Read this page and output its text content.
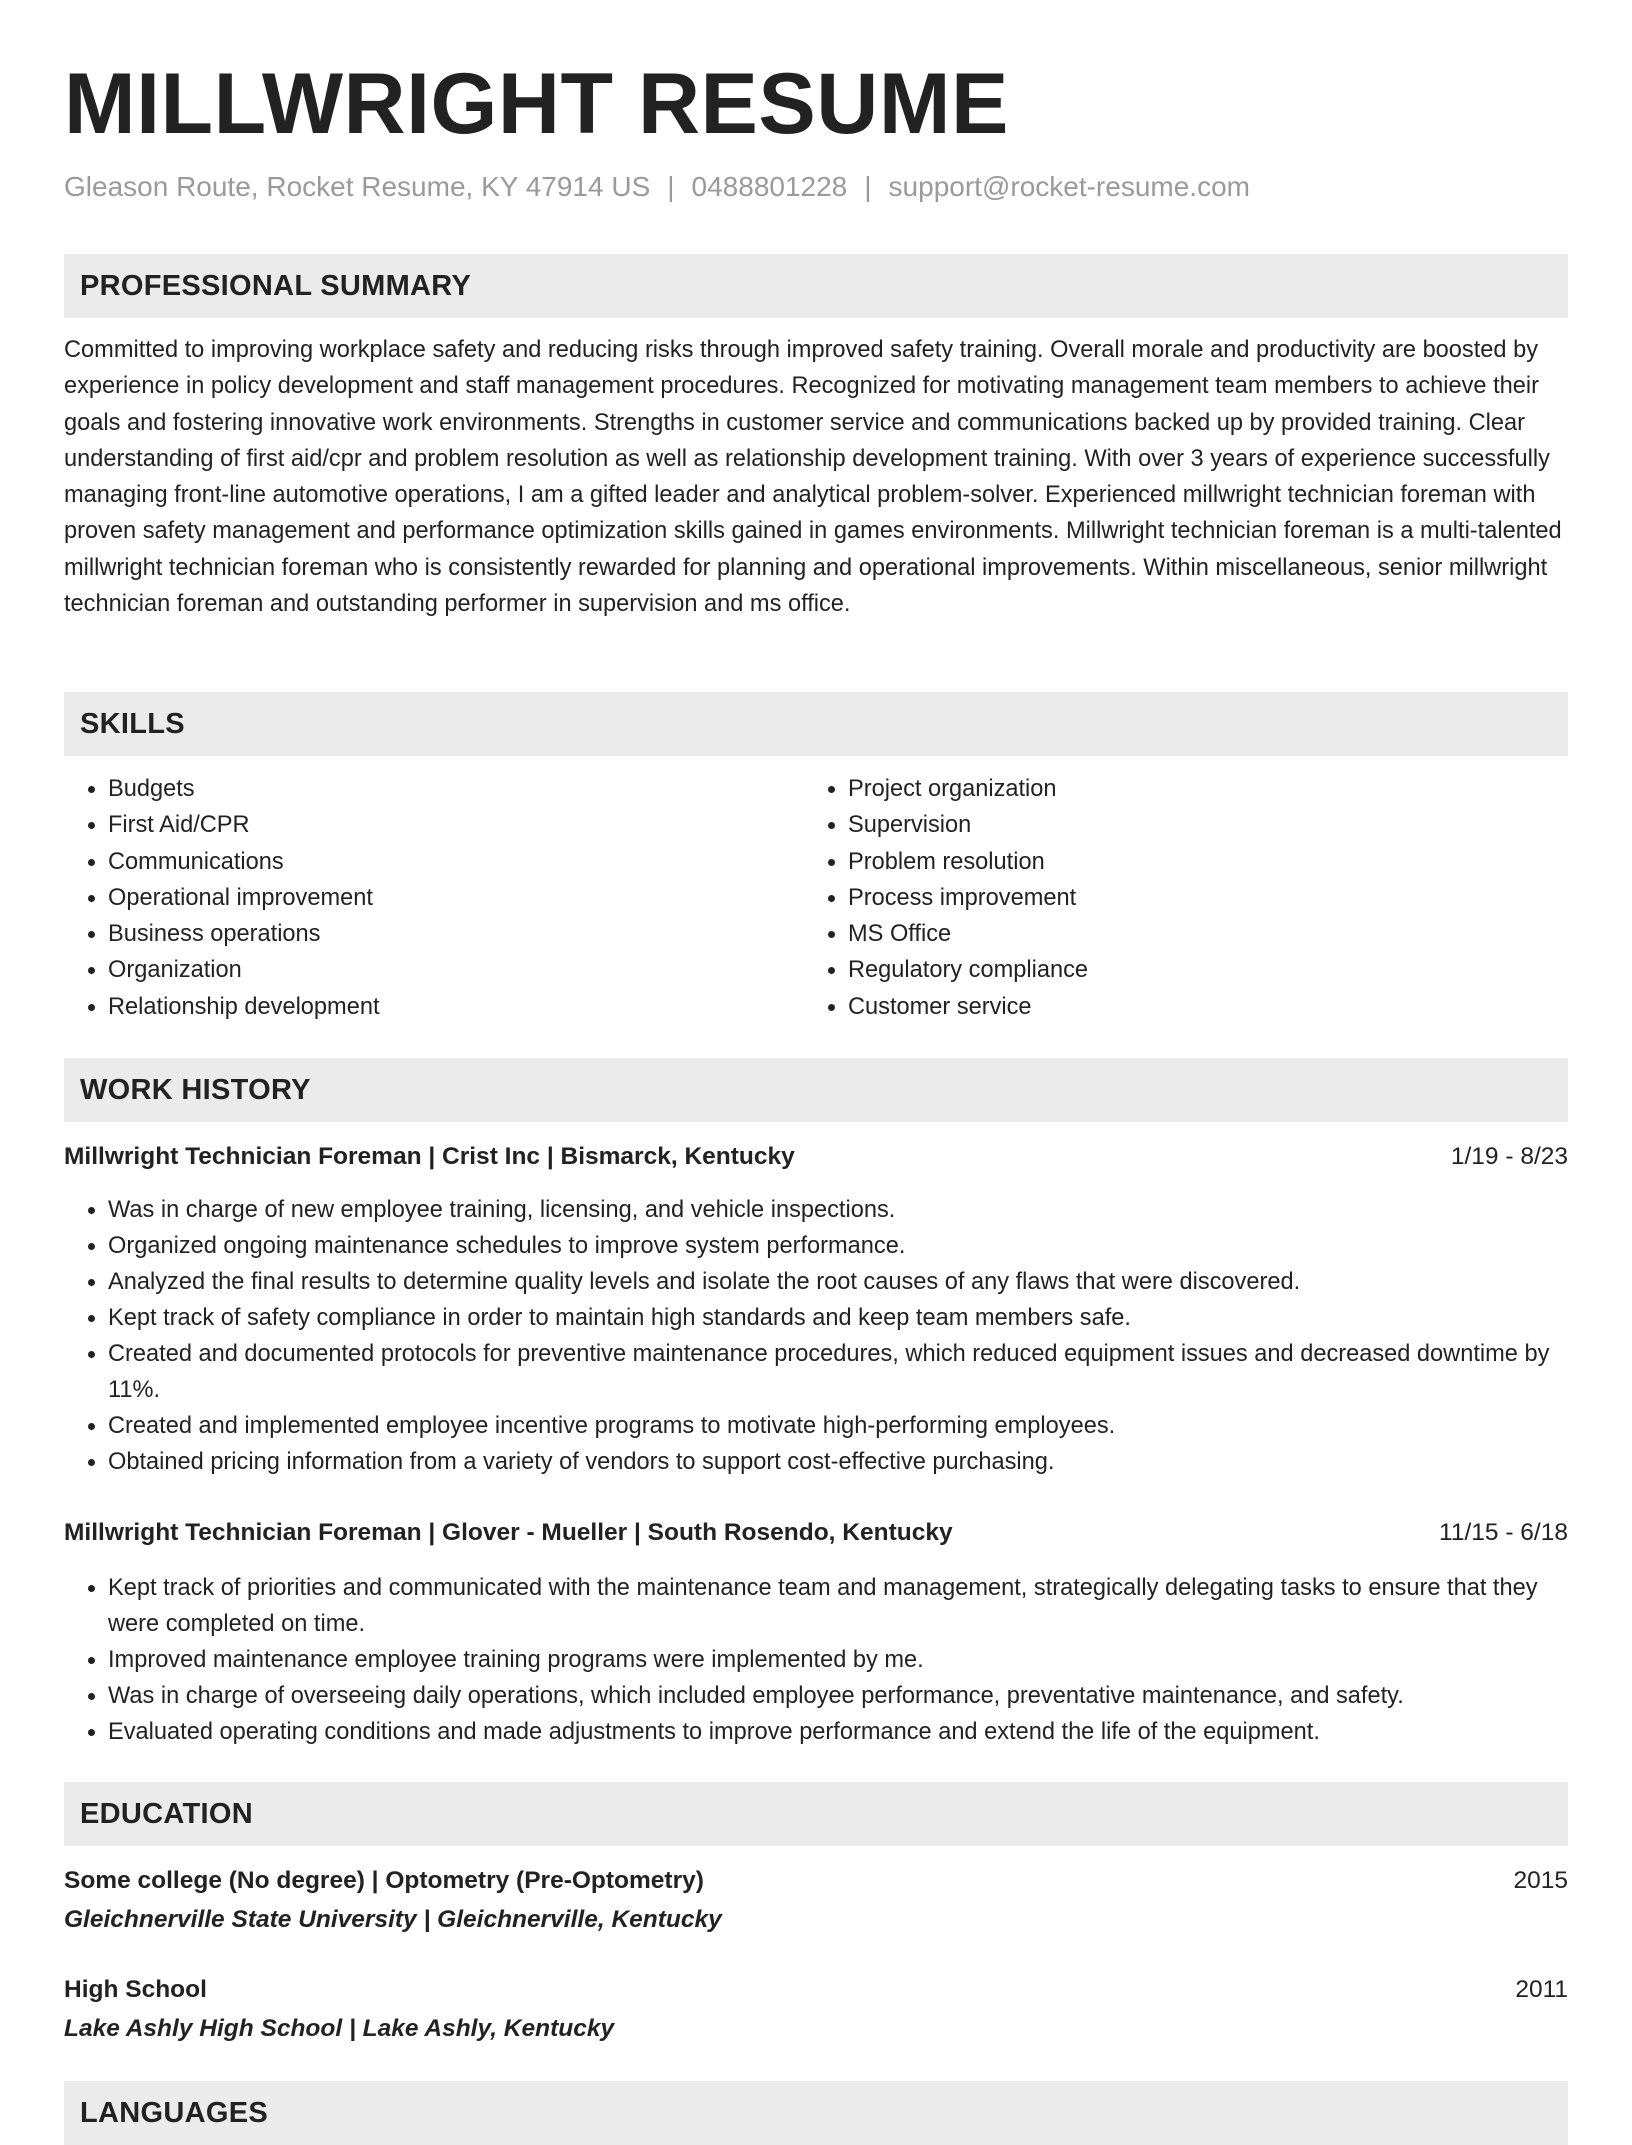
MILLWRIGHT RESUME
Gleason Route, Rocket Resume, KY 47914 US | 0488801228 | support@rocket-resume.com
PROFESSIONAL SUMMARY

Committed to improving workplace safety and reducing risks through improved safety training. Overall morale and productivity are boosted by experience in policy development and staff management procedures. Recognized for motivating management team members to achieve their goals and fostering innovative work environments. Strengths in customer service and communications backed up by provided training. Clear understanding of first aid/cpr and problem resolution as well as relationship development training. With over 3 years of experience successfully managing front-line automotive operations, I am a gifted leader and analytical problem-solver. Experienced millwright technician foreman with proven safety management and performance optimization skills gained in games environments. Millwright technician foreman is a multi-talented millwright technician foreman who is consistently rewarded for planning and operational improvements. Within miscellaneous, senior millwright technician foreman and outstanding performer in supervision and ms office.

SKILLS
• Budgets
• First Aid/CPR
• Communications
• Operational improvement
• Business operations
• Organization
• Relationship development
• Project organization
• Supervision
• Problem resolution
• Process improvement
• MS Office
• Regulatory compliance
• Customer service
WORK HISTORY
Millwright Technician Foreman | Crist Inc | Bismarck, Kentucky	1/19 - 8/23
• Was in charge of new employee training, licensing, and vehicle inspections.
• Organized ongoing maintenance schedules to improve system performance.
• Analyzed the final results to determine quality levels and isolate the root causes of any flaws that were discovered.
• Kept track of safety compliance in order to maintain high standards and keep team members safe.
• Created and documented protocols for preventive maintenance procedures, which reduced equipment issues and decreased downtime by 11%.
• Created and implemented employee incentive programs to motivate high-performing employees.
• Obtained pricing information from a variety of vendors to support cost-effective purchasing.
Millwright Technician Foreman | Glover - Mueller | South Rosendo, Kentucky	11/15 - 6/18
• Kept track of priorities and communicated with the maintenance team and management, strategically delegating tasks to ensure that they were completed on time.
• Improved maintenance employee training programs were implemented by me.
• Was in charge of overseeing daily operations, which included employee performance, preventative maintenance, and safety.
• Evaluated operating conditions and made adjustments to improve performance and extend the life of the equipment.
EDUCATION
Some college (No degree) | Optometry (Pre-Optometry)	2015
Gleichnerville State University | Gleichnerville, Kentucky
High School	2011
Lake Ashly High School | Lake Ashly, Kentucky
LANGUAGES
